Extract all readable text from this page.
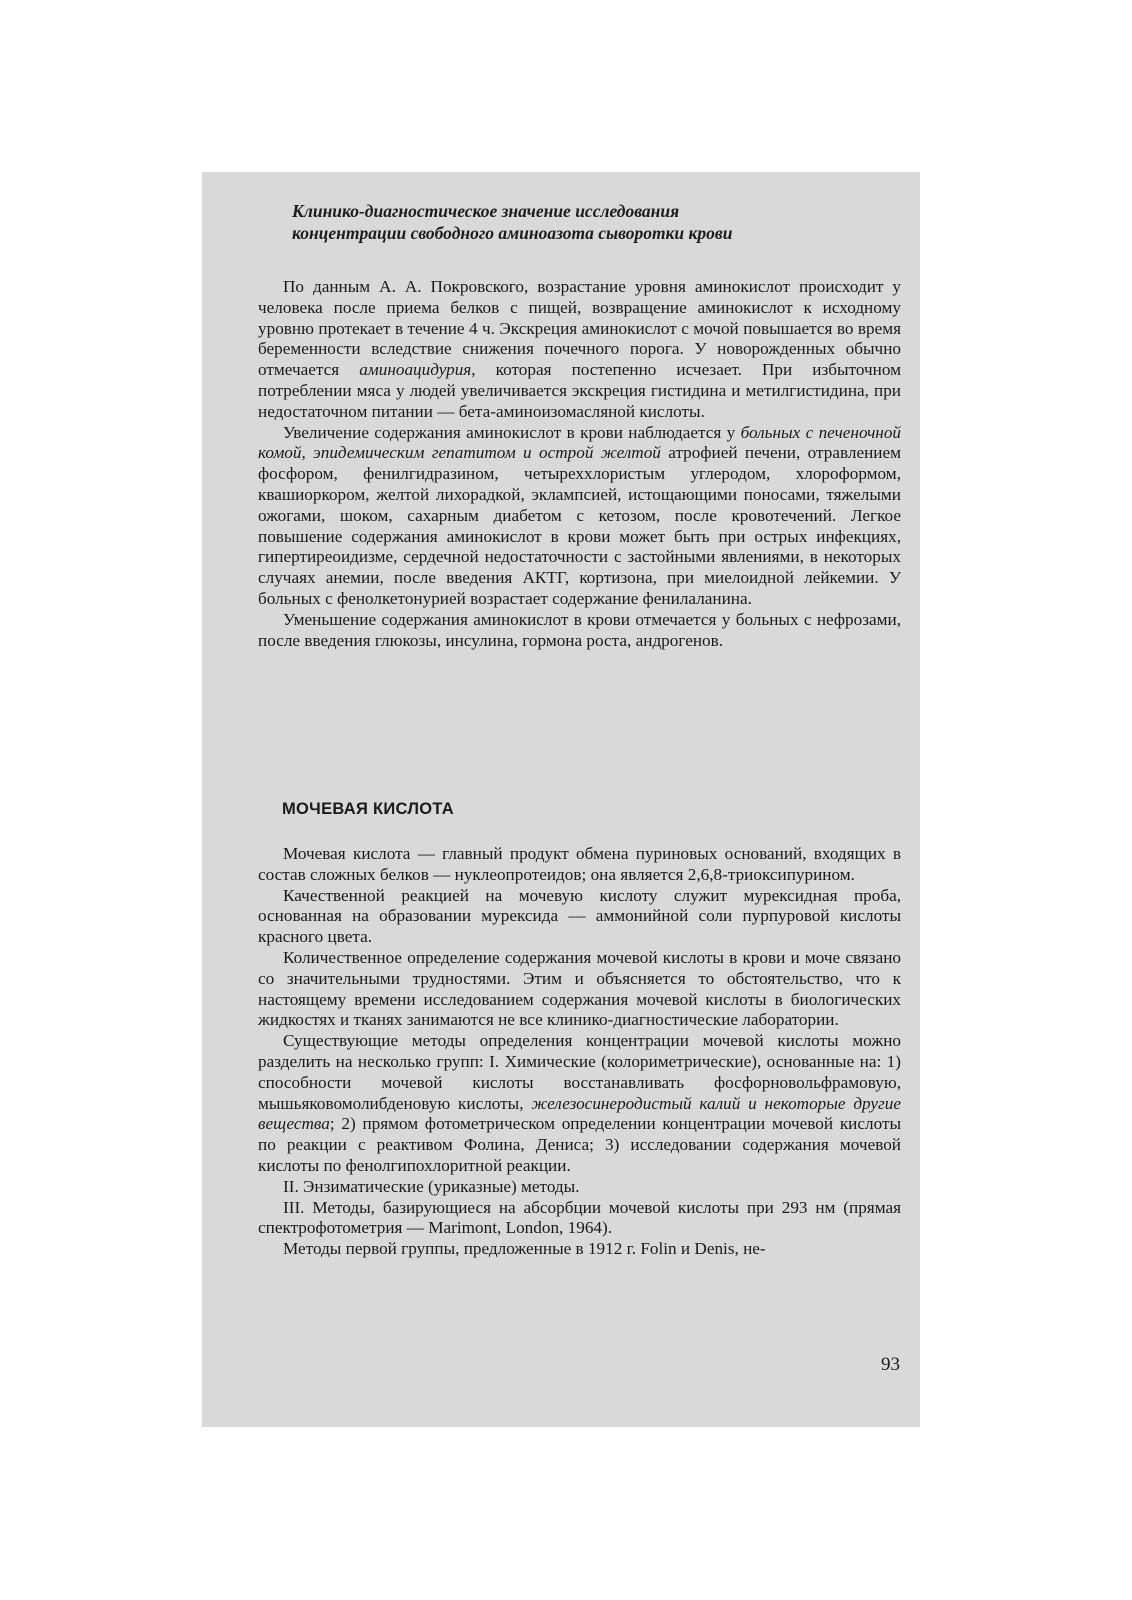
Клинико-диагностическое значение исследования
концентрации свободного аминоазота сыворотки крови

По данным А. А. Покровского, возрастание уровня аминокислот происходит у человека после приема белков с пищей, возвращение аминокислот к исходному уровню протекает в течение 4 ч. Экскреция аминокислот с мочой повышается во время беременности вследствие снижения почечного порога. У новорожденных обычно отмечается аминоацидурия, которая постепенно исчезает. При избыточном потреблении мяса у людей увеличивается экскреция гистидина и метилгистидина, при недостаточном питании — бета-аминоизомасляной кислоты.

Увеличение содержания аминокислот в крови наблюдается у больных с печеночной комой, эпидемическим гепатитом и острой желтой атрофией печени, отравлением фосфором, фенилгидразином, четыреххлористым углеродом, хлороформом, квашиоркором, желтой лихорадкой, эклампсией, истощающими поносами, тяжелыми ожогами, шоком, сахарным диабетом с кетозом, после кровотечений. Легкое повышение содержания аминокислот в крови может быть при острых инфекциях, гипертиреоидизме, сердечной недостаточности с застойными явлениями, в некоторых случаях анемии, после введения АКТГ, кортизона, при миелоидной лейкемии. У больных с фенолкетонурией возрастает содержание фенилаланина.

Уменьшение содержания аминокислот в крови отмечается у больных с нефрозами, после введения глюкозы, инсулина, гормона роста, андрогенов.

МОЧЕВАЯ КИСЛОТА

Мочевая кислота — главный продукт обмена пуриновых оснований, входящих в состав сложных белков — нуклеопротеидов; она является 2,6,8-триоксипурином.

Качественной реакцией на мочевую кислоту служит мурексидная проба, основанная на образовании мурексида — аммонийной соли пурпуровой кислоты красного цвета.

Количественное определение содержания мочевой кислоты в крови и моче связано со значительными трудностями. Этим и объясняется то обстоятельство, что к настоящему времени исследованием содержания мочевой кислоты в биологических жидкостях и тканях занимаются не все клинико-диагностические лаборатории.

Существующие методы определения концентрации мочевой кислоты можно разделить на несколько групп: I. Химические (колориметрические), основанные на: 1) способности мочевой кислоты восстанавливать фосфорновольфрамовую, мышьяковомолибденовую кислоты, железосинеродистый калий и некоторые другие вещества; 2) прямом фотометрическом определении концентрации мочевой кислоты по реакции с реактивом Фолина, Дениса; 3) исследовании содержания мочевой кислоты по фенолгипохлоритной реакции.

II. Энзиматические (уриказные) методы.

III. Методы, базирующиеся на абсорбции мочевой кислоты при 293 нм (прямая спектрофотометрия — Marimont, London, 1964).

Методы первой группы, предложенные в 1912 г. Folin и Denis, не-

93
